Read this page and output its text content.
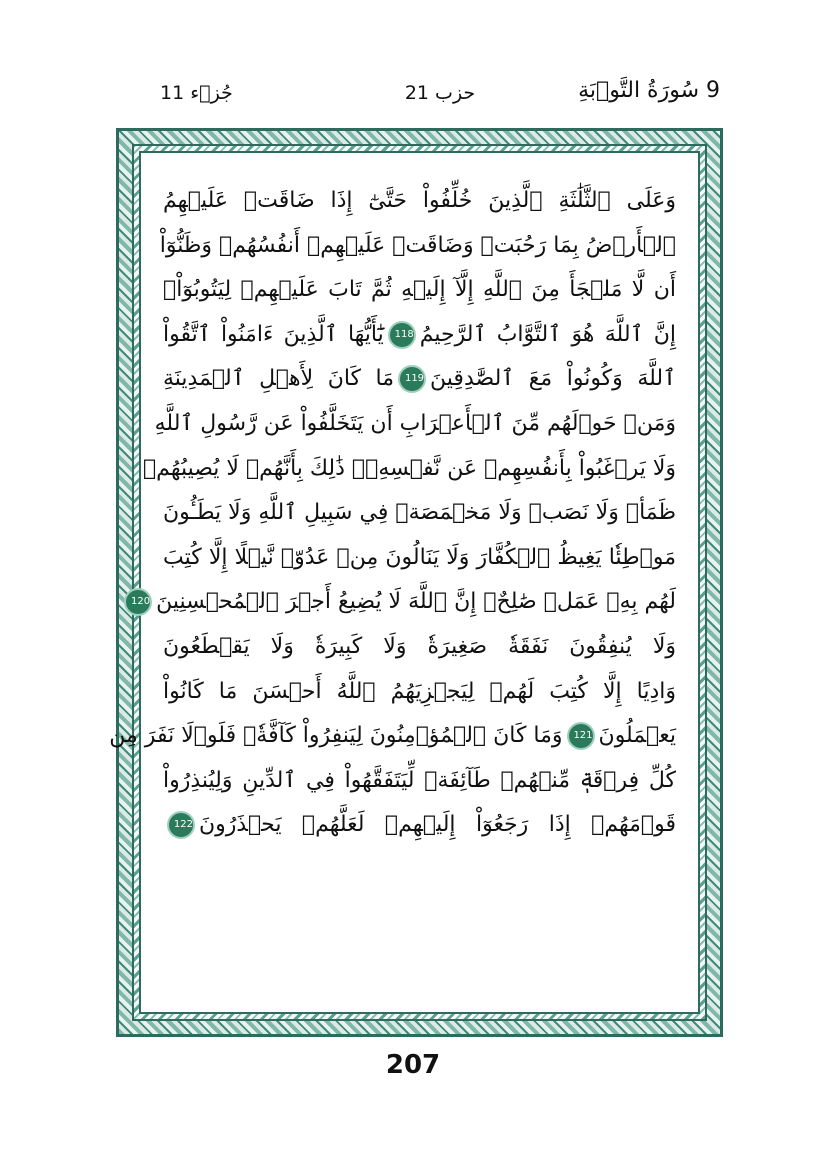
9 سُورَةُ التَّوۡبَةِ
حزب 21
جُزۡء 11
وَعَلَى ٱلثَّلَٰثَةِ ٱلَّذِينَ خُلِّفُواْ حَتَّىٰٓ إِذَا ضَاقَتۡ عَلَيۡهِمُ
ٱلۡأَرۡضُ بِمَا رَحُبَتۡ وَضَاقَتۡ عَلَيۡهِمۡ أَنفُسُهُمۡ وَظَنُّوٓاْ
أَن لَّا مَلۡجَأَ مِنَ ٱللَّهِ إِلَّآ إِلَيۡهِ ثُمَّ تَابَ عَلَيۡهِمۡ لِيَتُوبُوٓاْۚ
إِنَّ ٱللَّهَ هُوَ ٱلتَّوَّابُ ٱلرَّحِيمُ118يَٰٓأَيُّهَا ٱلَّذِينَ ءَامَنُواْ ٱتَّقُواْ
ٱللَّهَ وَكُونُواْ مَعَ ٱلصَّٰدِقِينَ119مَا كَانَ لِأَهۡلِ ٱلۡمَدِينَةِ
وَمَنۡ حَوۡلَهُم مِّنَ ٱلۡأَعۡرَابِ أَن يَتَخَلَّفُواْ عَن رَّسُولِ ٱللَّهِ
وَلَا يَرۡغَبُواْ بِأَنفُسِهِمۡ عَن نَّفۡسِهِۦۚ ذَٰلِكَ بِأَنَّهُمۡ لَا يُصِيبُهُمۡ
ظَمَأٞ وَلَا نَصَبٞ وَلَا مَخۡمَصَةٞ فِي سَبِيلِ ٱللَّهِ وَلَا يَطَـُٔونَ
مَوۡطِئٗا يَغِيظُ ٱلۡكُفَّارَ وَلَا يَنَالُونَ مِنۡ عَدُوّٖ نَّيۡلًا إِلَّا كُتِبَ
لَهُم بِهِۦ عَمَلٞ صَٰلِحٌۚ إِنَّ ٱللَّهَ لَا يُضِيعُ أَجۡرَ ٱلۡمُحۡسِنِينَ120
وَلَا يُنفِقُونَ نَفَقَةٗ صَغِيرَةٗ وَلَا كَبِيرَةٗ وَلَا يَقۡطَعُونَ
وَادِيًا إِلَّا كُتِبَ لَهُمۡ لِيَجۡزِيَهُمُ ٱللَّهُ أَحۡسَنَ مَا كَانُواْ
يَعۡمَلُونَ121وَمَا كَانَ ٱلۡمُؤۡمِنُونَ لِيَنفِرُواْ كَآفَّةٗۚ فَلَوۡلَا نَفَرَ مِن
كُلِّ فِرۡقَةٖ مِّنۡهُمۡ طَآئِفَةٞ لِّيَتَفَقَّهُواْ فِي ٱلدِّينِ وَلِيُنذِرُواْ
قَوۡمَهُمۡ إِذَا رَجَعُوٓاْ إِلَيۡهِمۡ لَعَلَّهُمۡ يَحۡذَرُونَ122
207
